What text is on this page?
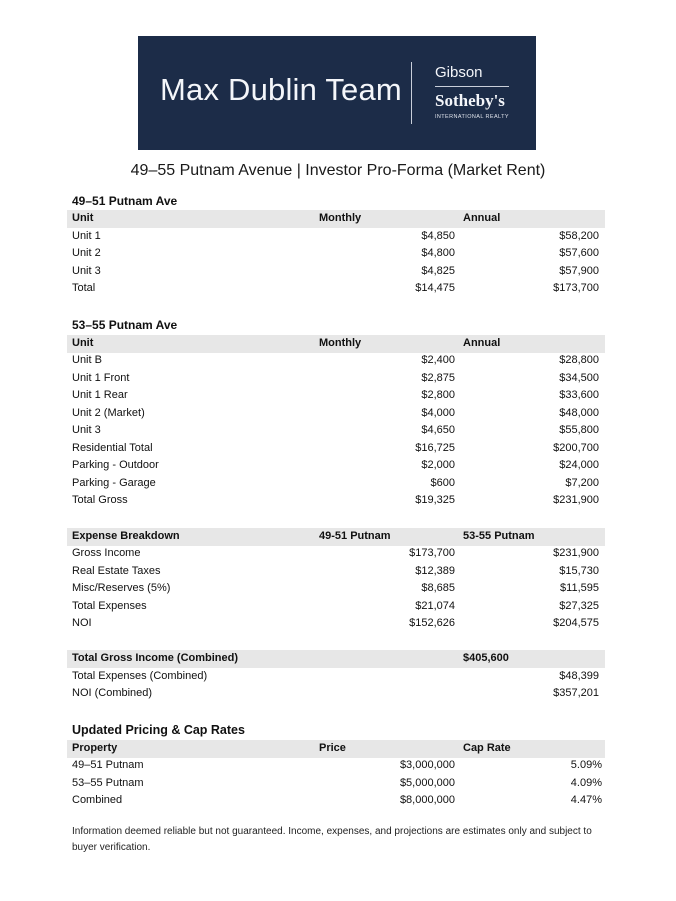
Max Dublin Team Gibson
Sotheby's
INTERNATIONAL REALTY
49–55 Putnam Avenue | Investor Pro-Forma (Market Rent)
49–51 Putnam Ave
Unit	Monthly	Annual
Unit 1	$4,850	$58,200
Unit 2	$4,800	$57,600
Unit 3	$4,825	$57,900
Total	$14,475	$173,700
53–55 Putnam Ave
Unit	Monthly	Annual
Unit B	$2,400	$28,800
Unit 1 Front	$2,875	$34,500
Unit 1 Rear	$2,800	$33,600
Unit 2 (Market)	$4,000	$48,000
Unit 3	$4,650	$55,800
Residential Total	$16,725	$200,700
Parking - Outdoor	$2,000	$24,000
Parking - Garage	$600	$7,200
Total Gross	$19,325	$231,900
Expense Breakdown	49-51 Putnam	53-55 Putnam
Gross Income	$173,700	$231,900
Real Estate Taxes	$12,389	$15,730
Misc/Reserves (5%)	$8,685	$11,595
Total Expenses	$21,074	$27,325
NOI	$152,626	$204,575
Total Gross Income (Combined)	$405,600
Total Expenses (Combined)	$48,399
NOI (Combined)	$357,201
Updated Pricing & Cap Rates
Property	Price	Cap Rate
49–51 Putnam	$3,000,000	5.09%
53–55 Putnam	$5,000,000	4.09%
Combined	$8,000,000	4.47%
Information deemed reliable but not guaranteed. Income, expenses, and projections are estimates only and subject to buyer verification.
